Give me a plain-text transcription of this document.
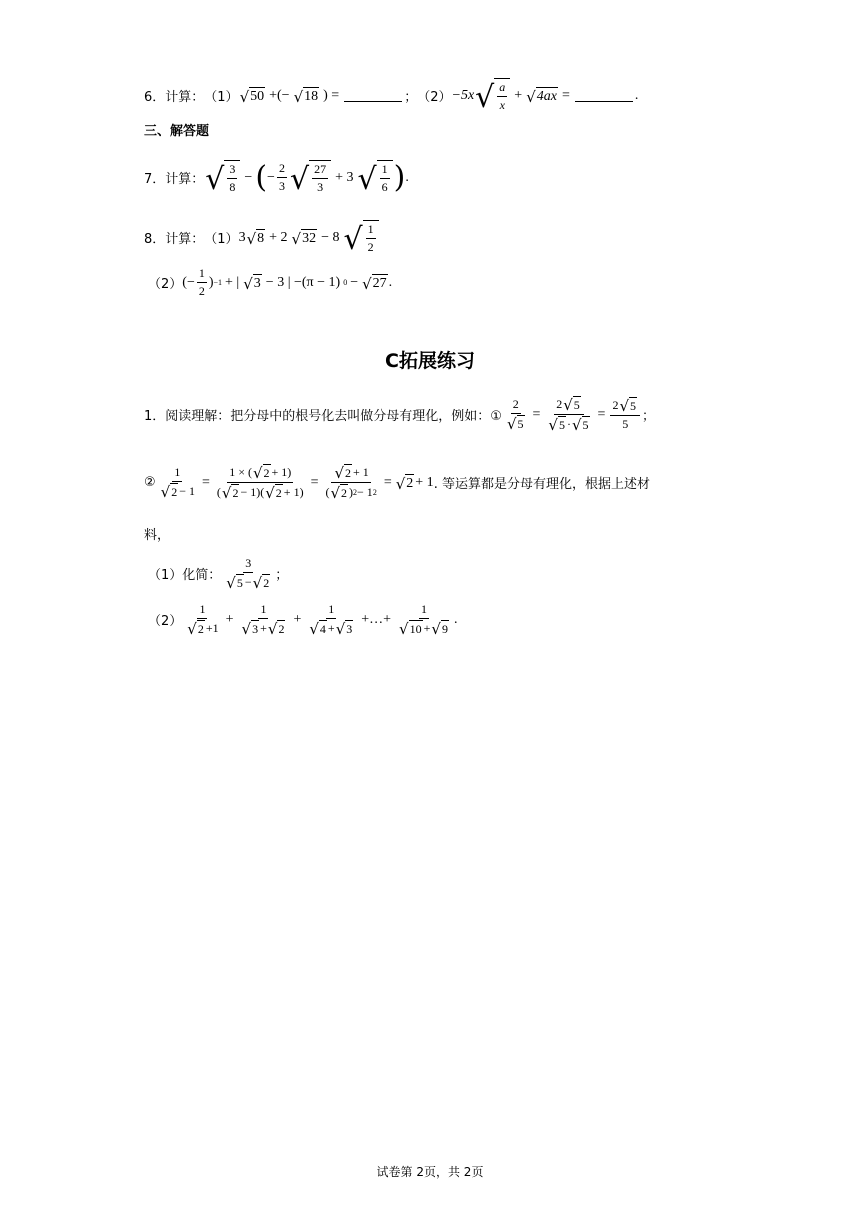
6．计算： （1） √ 50 +(− √ 18 ) =	； （2） −5x √ $\frac{a}{x}$ + √ 4ax =	.
三、解答题
7．计算： √ $\frac{3}{8}$ − ( − $\frac{2}{3}$ √ $\frac{27}{3} + 3$ √ $\frac{1}{6}$ ) .
8．计算： （1） 3 √ 8 + 2 √ 32 − 8 √ $\frac{1}{2}$
（2） (− $\frac{1}{2}$ ) −1 + | √ 3 − 3 | −(π − 1) 0 − √ 27 .
C拓展练习
1．阅读理解：把分母中的根号化去叫做分母有理化，例如：① $\frac{2}{√ 5} = \frac{2 √ 5}{√ 5 \cdot √ 5} = \frac{2 √ 5}{5}$ ；
② $\frac{1}{√ 2 - 1} = \frac{1 \times ( √ 2 + 1)}{( √ 2 - 1)( √ 2 + 1)} = \frac{√ 2 + 1}{( √ 2 ) 2 - 1 2}$ = √ 2 + 1 . 等运算都是分母有理化，根据上述材
料，
（1）化简： $\frac{3}{√ 5 - √ 2}$ ；
$(2) \frac{1}{√ 2 +1} + \frac{1}{√ 3 + √ 2} + \frac{1}{√ 4 + √ 3}$ +…+ $\frac{1}{√ 10 + √ 9}$ .
试卷第 2页，共 2页
